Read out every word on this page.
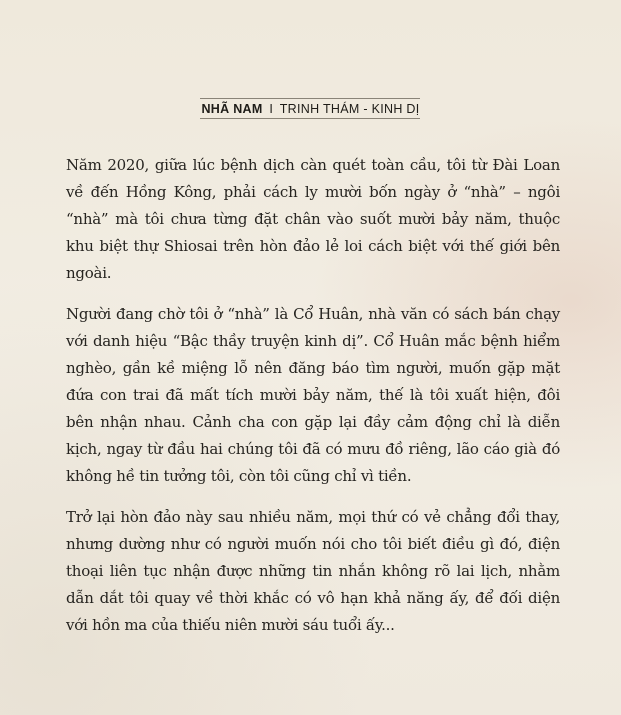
NHÃ NAM I TRINH THÁM - KINH DỊ

Năm 2020, giữa lúc bệnh dịch càn quét toàn cầu, tôi từ Đài Loan về đến Hồng Kông, phải cách ly mười bốn ngày ở “nhà” – ngôi “nhà” mà tôi chưa từng đặt chân vào suốt mười bảy năm, thuộc khu biệt thự Shiosai trên hòn đảo lẻ loi cách biệt với thế giới bên ngoài.

Người đang chờ tôi ở “nhà” là Cổ Huân, nhà văn có sách bán chạy với danh hiệu “Bậc thầy truyện kinh dị”. Cổ Huân mắc bệnh hiểm nghèo, gần kề miệng lỗ nên đăng báo tìm người, muốn gặp mặt đứa con trai đã mất tích mười bảy năm, thế là tôi xuất hiện, đôi bên nhận nhau. Cảnh cha con gặp lại đầy cảm động chỉ là diễn kịch, ngay từ đầu hai chúng tôi đã có mưu đồ riêng, lão cáo già đó không hề tin tưởng tôi, còn tôi cũng chỉ vì tiền.

Trở lại hòn đảo này sau nhiều năm, mọi thứ có vẻ chẳng đổi thay, nhưng dường như có người muốn nói cho tôi biết điều gì đó, điện thoại liên tục nhận được những tin nhắn không rõ lai lịch, nhằm dẫn dắt tôi quay về thời khắc có vô hạn khả năng ấy, để đối diện với hồn ma của thiếu niên mười sáu tuổi ấy...
